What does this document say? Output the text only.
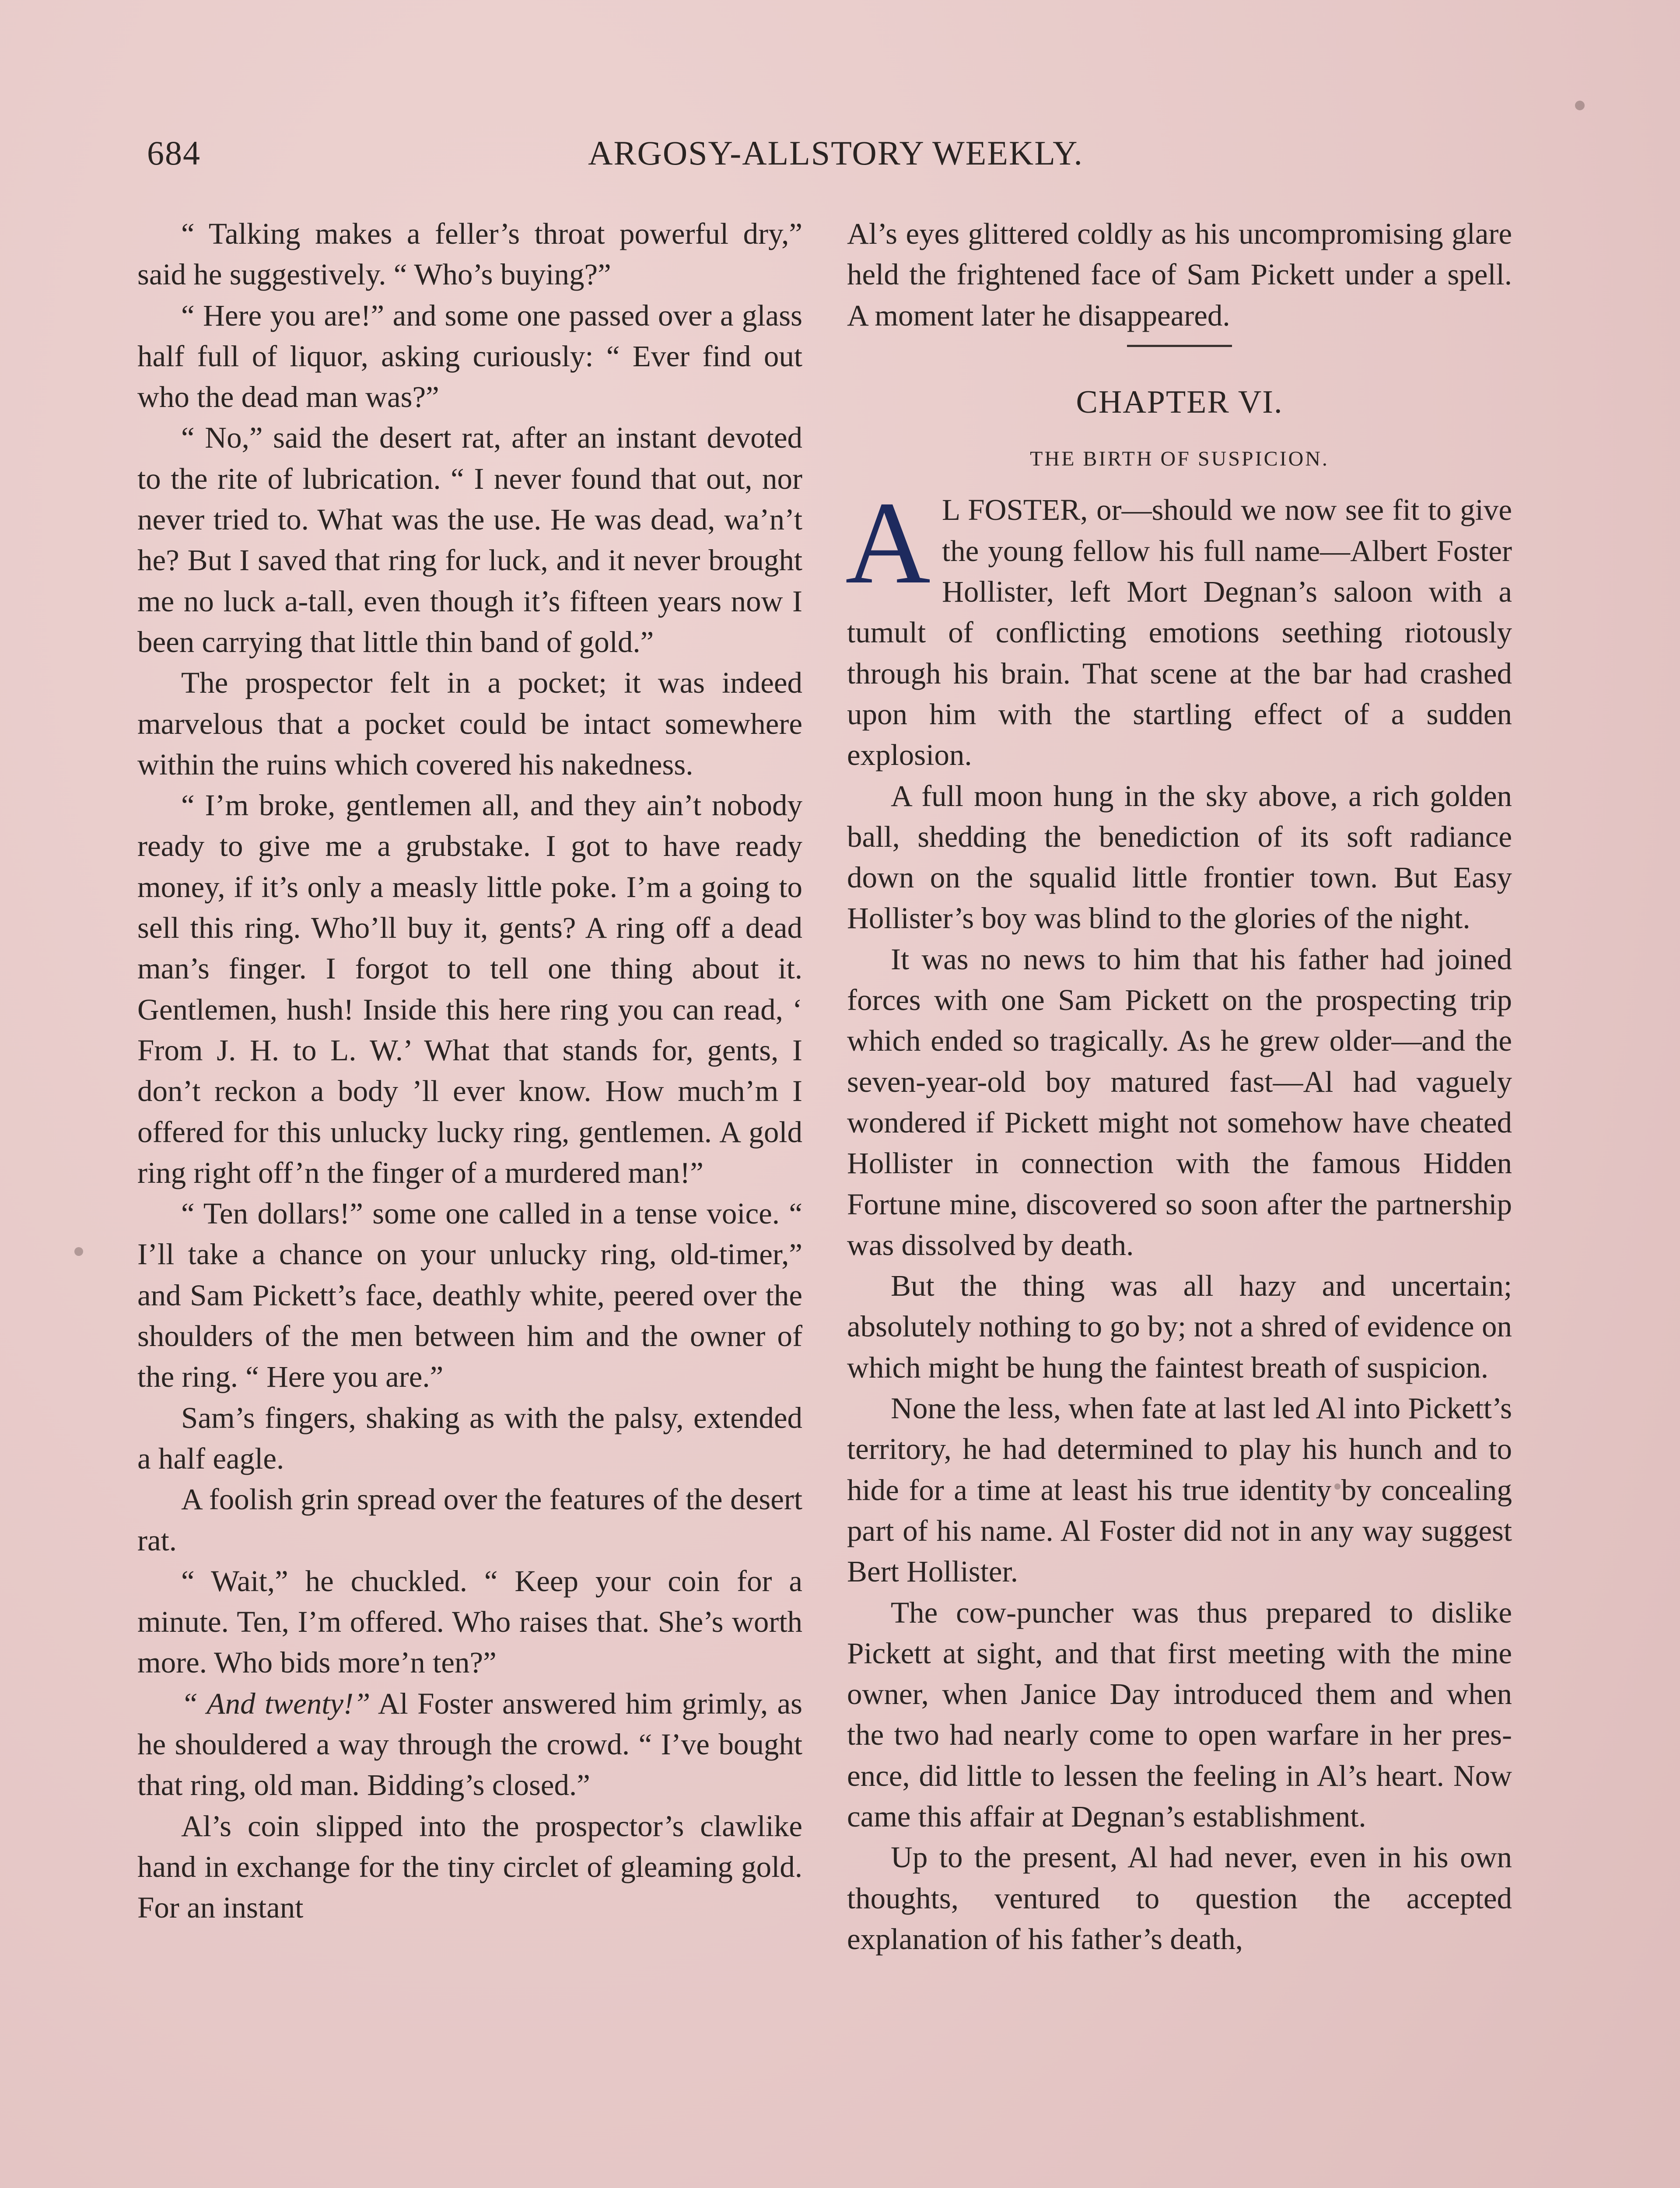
684	ARGOSY-ALLSTORY WEEKLY.

“ Talking makes a feller’s throat powerful dry,” said he suggestively. “ Who’s buying?”

“ Here you are!” and some one passed over a glass half full of liquor, asking curiously: “ Ever find out who the dead man was?”

“ No,” said the desert rat, after an instant devoted to the rite of lubrication. “ I never found that out, nor never tried to. What was the use. He was dead, wa’n’t he? But I saved that ring for luck, and it never brought me no luck a-tall, even though it’s fifteen years now I been carrying that little thin band of gold.”

The prospector felt in a pocket; it was indeed marvelous that a pocket could be intact somewhere within the ruins which covered his nakedness.

“ I’m broke, gentlemen all, and they ain’t nobody ready to give me a grubstake. I got to have ready money, if it’s only a measly little poke. I’m a going to sell this ring. Who’ll buy it, gents? A ring off a dead man’s finger. I forgot to tell one thing about it. Gentlemen, hush! Inside this here ring you can read, ‘ From J. H. to L. W.’ What that stands for, gents, I don’t reckon a body ’ll ever know. How much’m I offered for this unlucky lucky ring, gentlemen. A gold ring right off’n the finger of a murdered man!”

“ Ten dollars!” some one called in a tense voice. “ I’ll take a chance on your unlucky ring, old-timer,” and Sam Pickett’s face, deathly white, peered over the shoulders of the men between him and the owner of the ring. “ Here you are.”

Sam’s fingers, shaking as with the palsy, extended a half eagle.

A foolish grin spread over the features of the desert rat.

“ Wait,” he chuckled. “ Keep your coin for a minute. Ten, I’m offered. Who raises that. She’s worth more. Who bids more’n ten?”

“ And twenty!” Al Foster answered him grimly, as he shouldered a way through the crowd. “ I’ve bought that ring, old man. Bidding’s closed.”

Al’s coin slipped into the prospector’s clawlike hand in exchange for the tiny circlet of gleaming gold. For an instant

Al’s eyes glittered coldly as his uncompromising glare held the frightened face of Sam Pickett under a spell. A moment later he disappeared.

CHAPTER VI.
THE BIRTH OF SUSPICION.

A L FOSTER, or—should we now see fit to give the young fellow his full name—Albert Foster Hollister, left Mort Degnan’s saloon with a tumult of conflicting emotions seething riotously through his brain. That scene at the bar had crashed upon him with the startling effect of a sudden explosion.

A full moon hung in the sky above, a rich golden ball, shedding the benediction of its soft radiance down on the squalid little frontier town. But Easy Hollister’s boy was blind to the glories of the night.

It was no news to him that his father had joined forces with one Sam Pickett on the prospecting trip which ended so tragically. As he grew older—and the seven-year-old boy matured fast—Al had vaguely wondered if Pickett might not somehow have cheated Hollister in connection with the famous Hidden Fortune mine, discovered so soon after the partnership was dissolved by death.

But the thing was all hazy and uncertain; absolutely nothing to go by; not a shred of evidence on which might be hung the faintest breath of suspicion.

None the less, when fate at last led Al into Pickett’s territory, he had determined to play his hunch and to hide for a time at least his true identity by concealing part of his name. Al Foster did not in any way suggest Bert Hollister.

The cow-puncher was thus prepared to dislike Pickett at sight, and that first meeting with the mine owner, when Janice Day introduced them and when the two had nearly come to open warfare in her presence, did little to lessen the feeling in Al’s heart. Now came this affair at Degnan’s establishment.

Up to the present, Al had never, even in his own thoughts, ventured to question the accepted explanation of his father’s death,
